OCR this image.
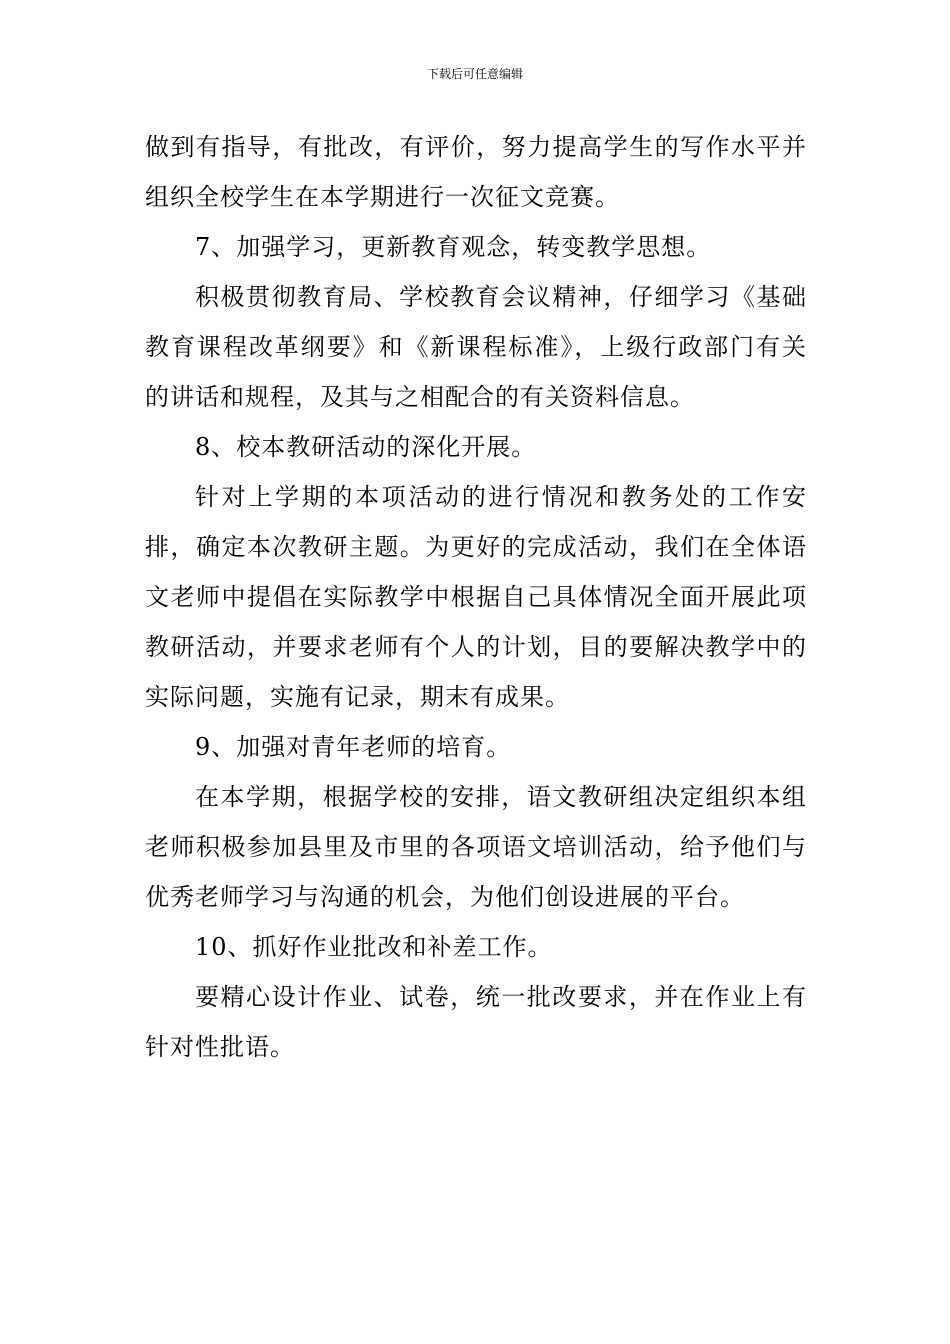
下载后可任意编辑

做到有指导，有批改，有评价，努力提高学生的写作水平并组织全校学生在本学期进行一次征文竞赛。

7、加强学习，更新教育观念，转变教学思想。

积极贯彻教育局、学校教育会议精神，仔细学习《基础教育课程改革纲要》和《新课程标准》，上级行政部门有关的讲话和规程，及其与之相配合的有关资料信息。

8、校本教研活动的深化开展。

针对上学期的本项活动的进行情况和教务处的工作安排，确定本次教研主题。为更好的完成活动，我们在全体语文老师中提倡在实际教学中根据自己具体情况全面开展此项教研活动，并要求老师有个人的计划，目的要解决教学中的实际问题，实施有记录，期末有成果。

9、加强对青年老师的培育。

在本学期，根据学校的安排，语文教研组决定组织本组老师积极参加县里及市里的各项语文培训活动，给予他们与优秀老师学习与沟通的机会，为他们创设进展的平台。

10、抓好作业批改和补差工作。

要精心设计作业、试卷，统一批改要求，并在作业上有针对性批语。
